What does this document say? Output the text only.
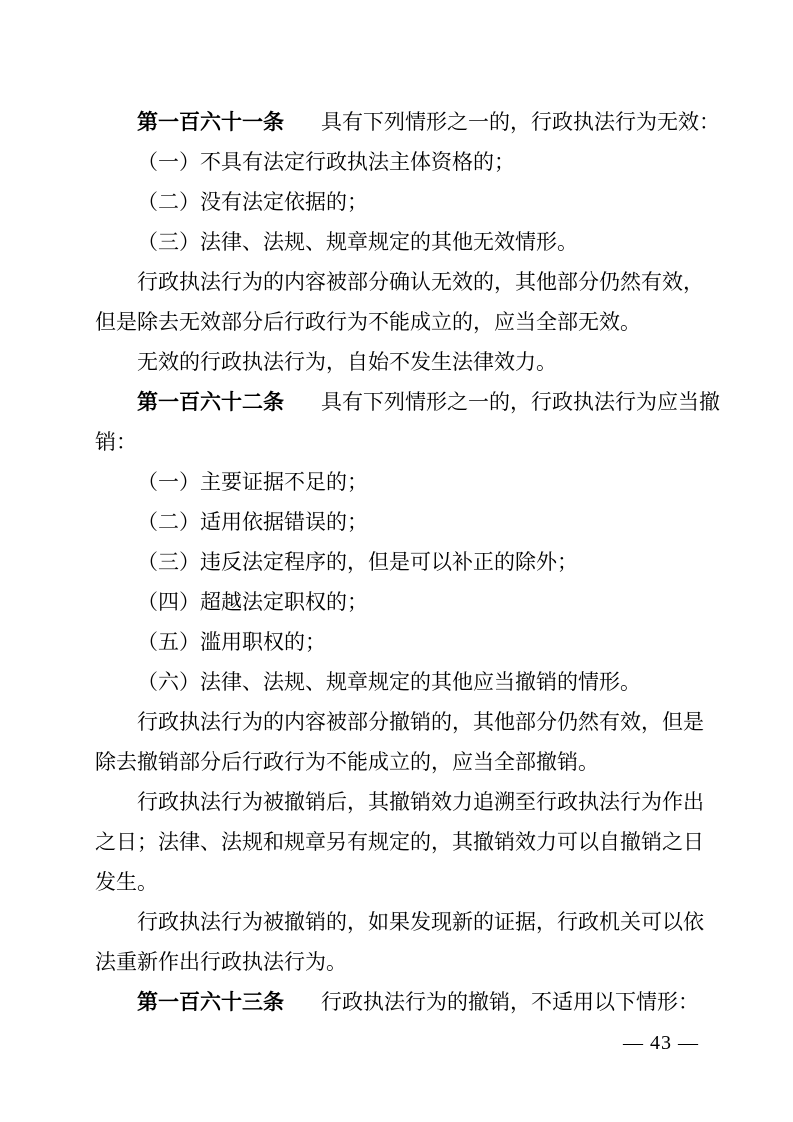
第一百六十一条 具有下列情形之一的，行政执法行为无效：
（一）不具有法定行政执法主体资格的；
（二）没有法定依据的；
（三）法律、法规、规章规定的其他无效情形。
行政执法行为的内容被部分确认无效的，其他部分仍然有效，
但是除去无效部分后行政行为不能成立的，应当全部无效。
无效的行政执法行为，自始不发生法律效力。
第一百六十二条 具有下列情形之一的，行政执法行为应当撤
销：
（一）主要证据不足的；
（二）适用依据错误的；
（三）违反法定程序的，但是可以补正的除外；
（四）超越法定职权的；
（五）滥用职权的；
（六）法律、法规、规章规定的其他应当撤销的情形。
行政执法行为的内容被部分撤销的，其他部分仍然有效，但是
除去撤销部分后行政行为不能成立的，应当全部撤销。
行政执法行为被撤销后，其撤销效力追溯至行政执法行为作出
之日；法律、法规和规章另有规定的，其撤销效力可以自撤销之日
发生。
行政执法行为被撤销的，如果发现新的证据，行政机关可以依
法重新作出行政执法行为。
第一百六十三条 行政执法行为的撤销，不适用以下情形：
— 43 —
